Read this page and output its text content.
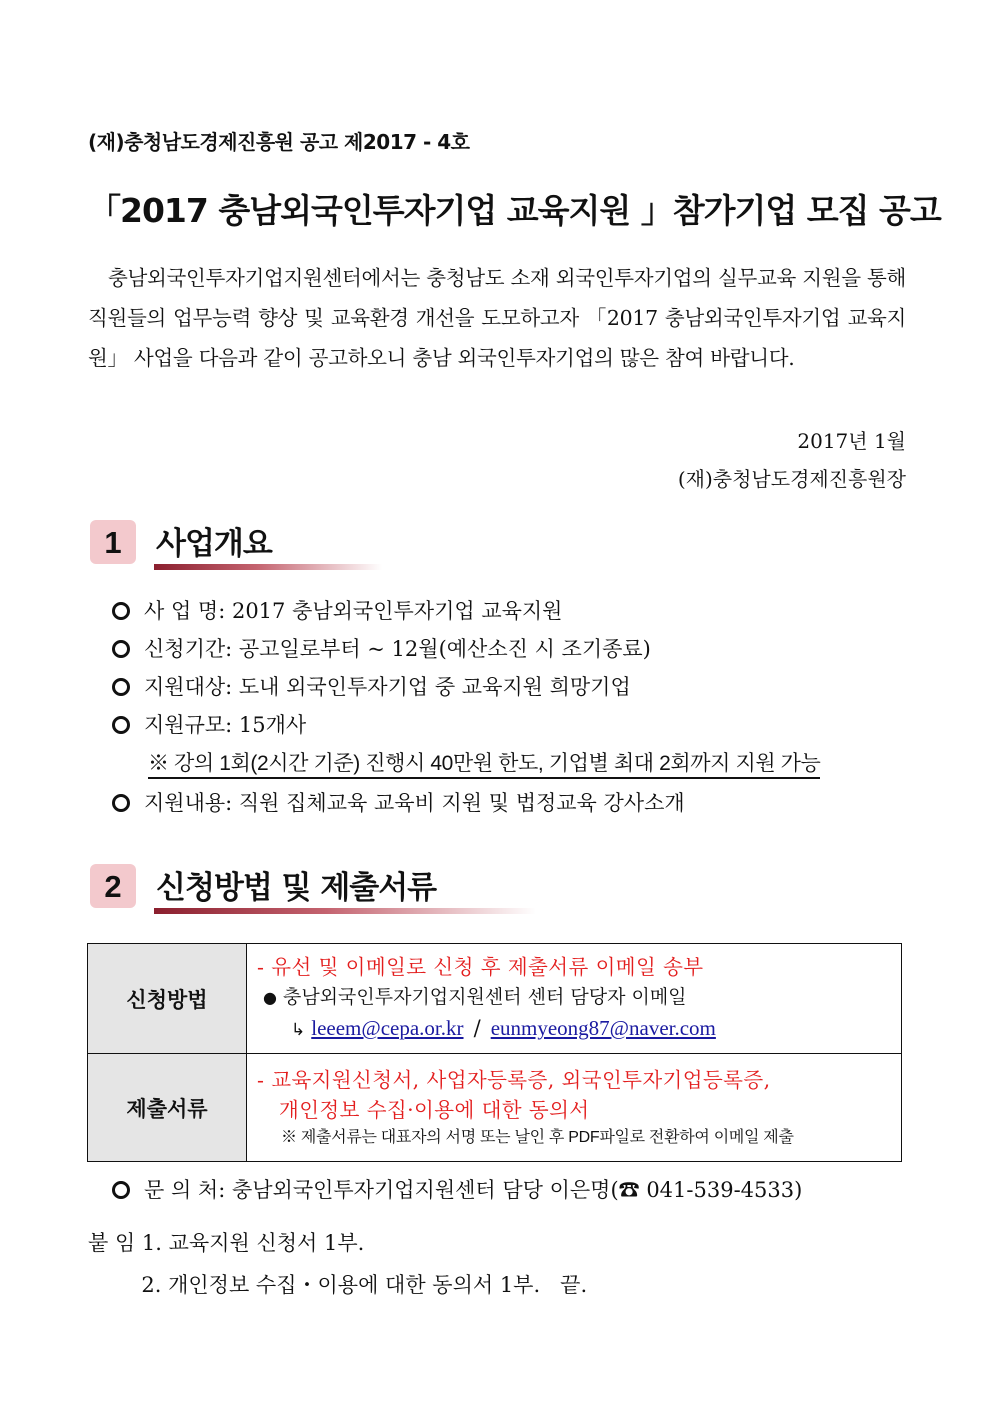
(재)충청남도경제진흥원 공고 제2017 - 4호
「2017 충남외국인투자기업 교육지원 」참가기업 모집 공고
충남외국인투자기업지원센터에서는 충청남도 소재 외국인투자기업의 실무교육 지원을 통해 직원들의 업무능력 향상 및 교육환경 개선을 도모하고자 「2017 충남외국인투자기업 교육지원」 사업을 다음과 같이 공고하오니 충남 외국인투자기업의 많은 참여 바랍니다.
2017년 1월
(재)충청남도경제진흥원장
1	사업개요
사 업 명: 2017 충남외국인투자기업 교육지원
신청기간: 공고일로부터 ~ 12월(예산소진 시 조기종료)
지원대상: 도내 외국인투자기업 중 교육지원 희망기업
지원규모: 15개사
※ 강의 1회(2시간 기준) 진행시 40만원 한도, 기업별 최대 2회까지 지원 가능
지원내용: 직원 집체교육 교육비 지원 및 법정교육 강사소개
2	신청방법 및 제출서류
신청방법	- 유선 및 이메일로 신청 후 제출서류 이메일 송부
● 충남외국인투자기업지원센터 센터 담당자 이메일
↳ leeem@cepa.or.kr / eunmyeong87@naver.com

제출서류	- 교육지원신청서, 사업자등록증, 외국인투자기업등록증,
개인정보 수집·이용에 대한 동의서
※ 제출서류는 대표자의 서명 또는 날인 후 PDF파일로 전환하여 이메일 제출
문 의 처: 충남외국인투자기업지원센터 담당 이은명(☎ 041-539-4533)
붙 임 1. 교육지원 신청서 1부.
2. 개인정보 수집・이용에 대한 동의서 1부.   끝.
